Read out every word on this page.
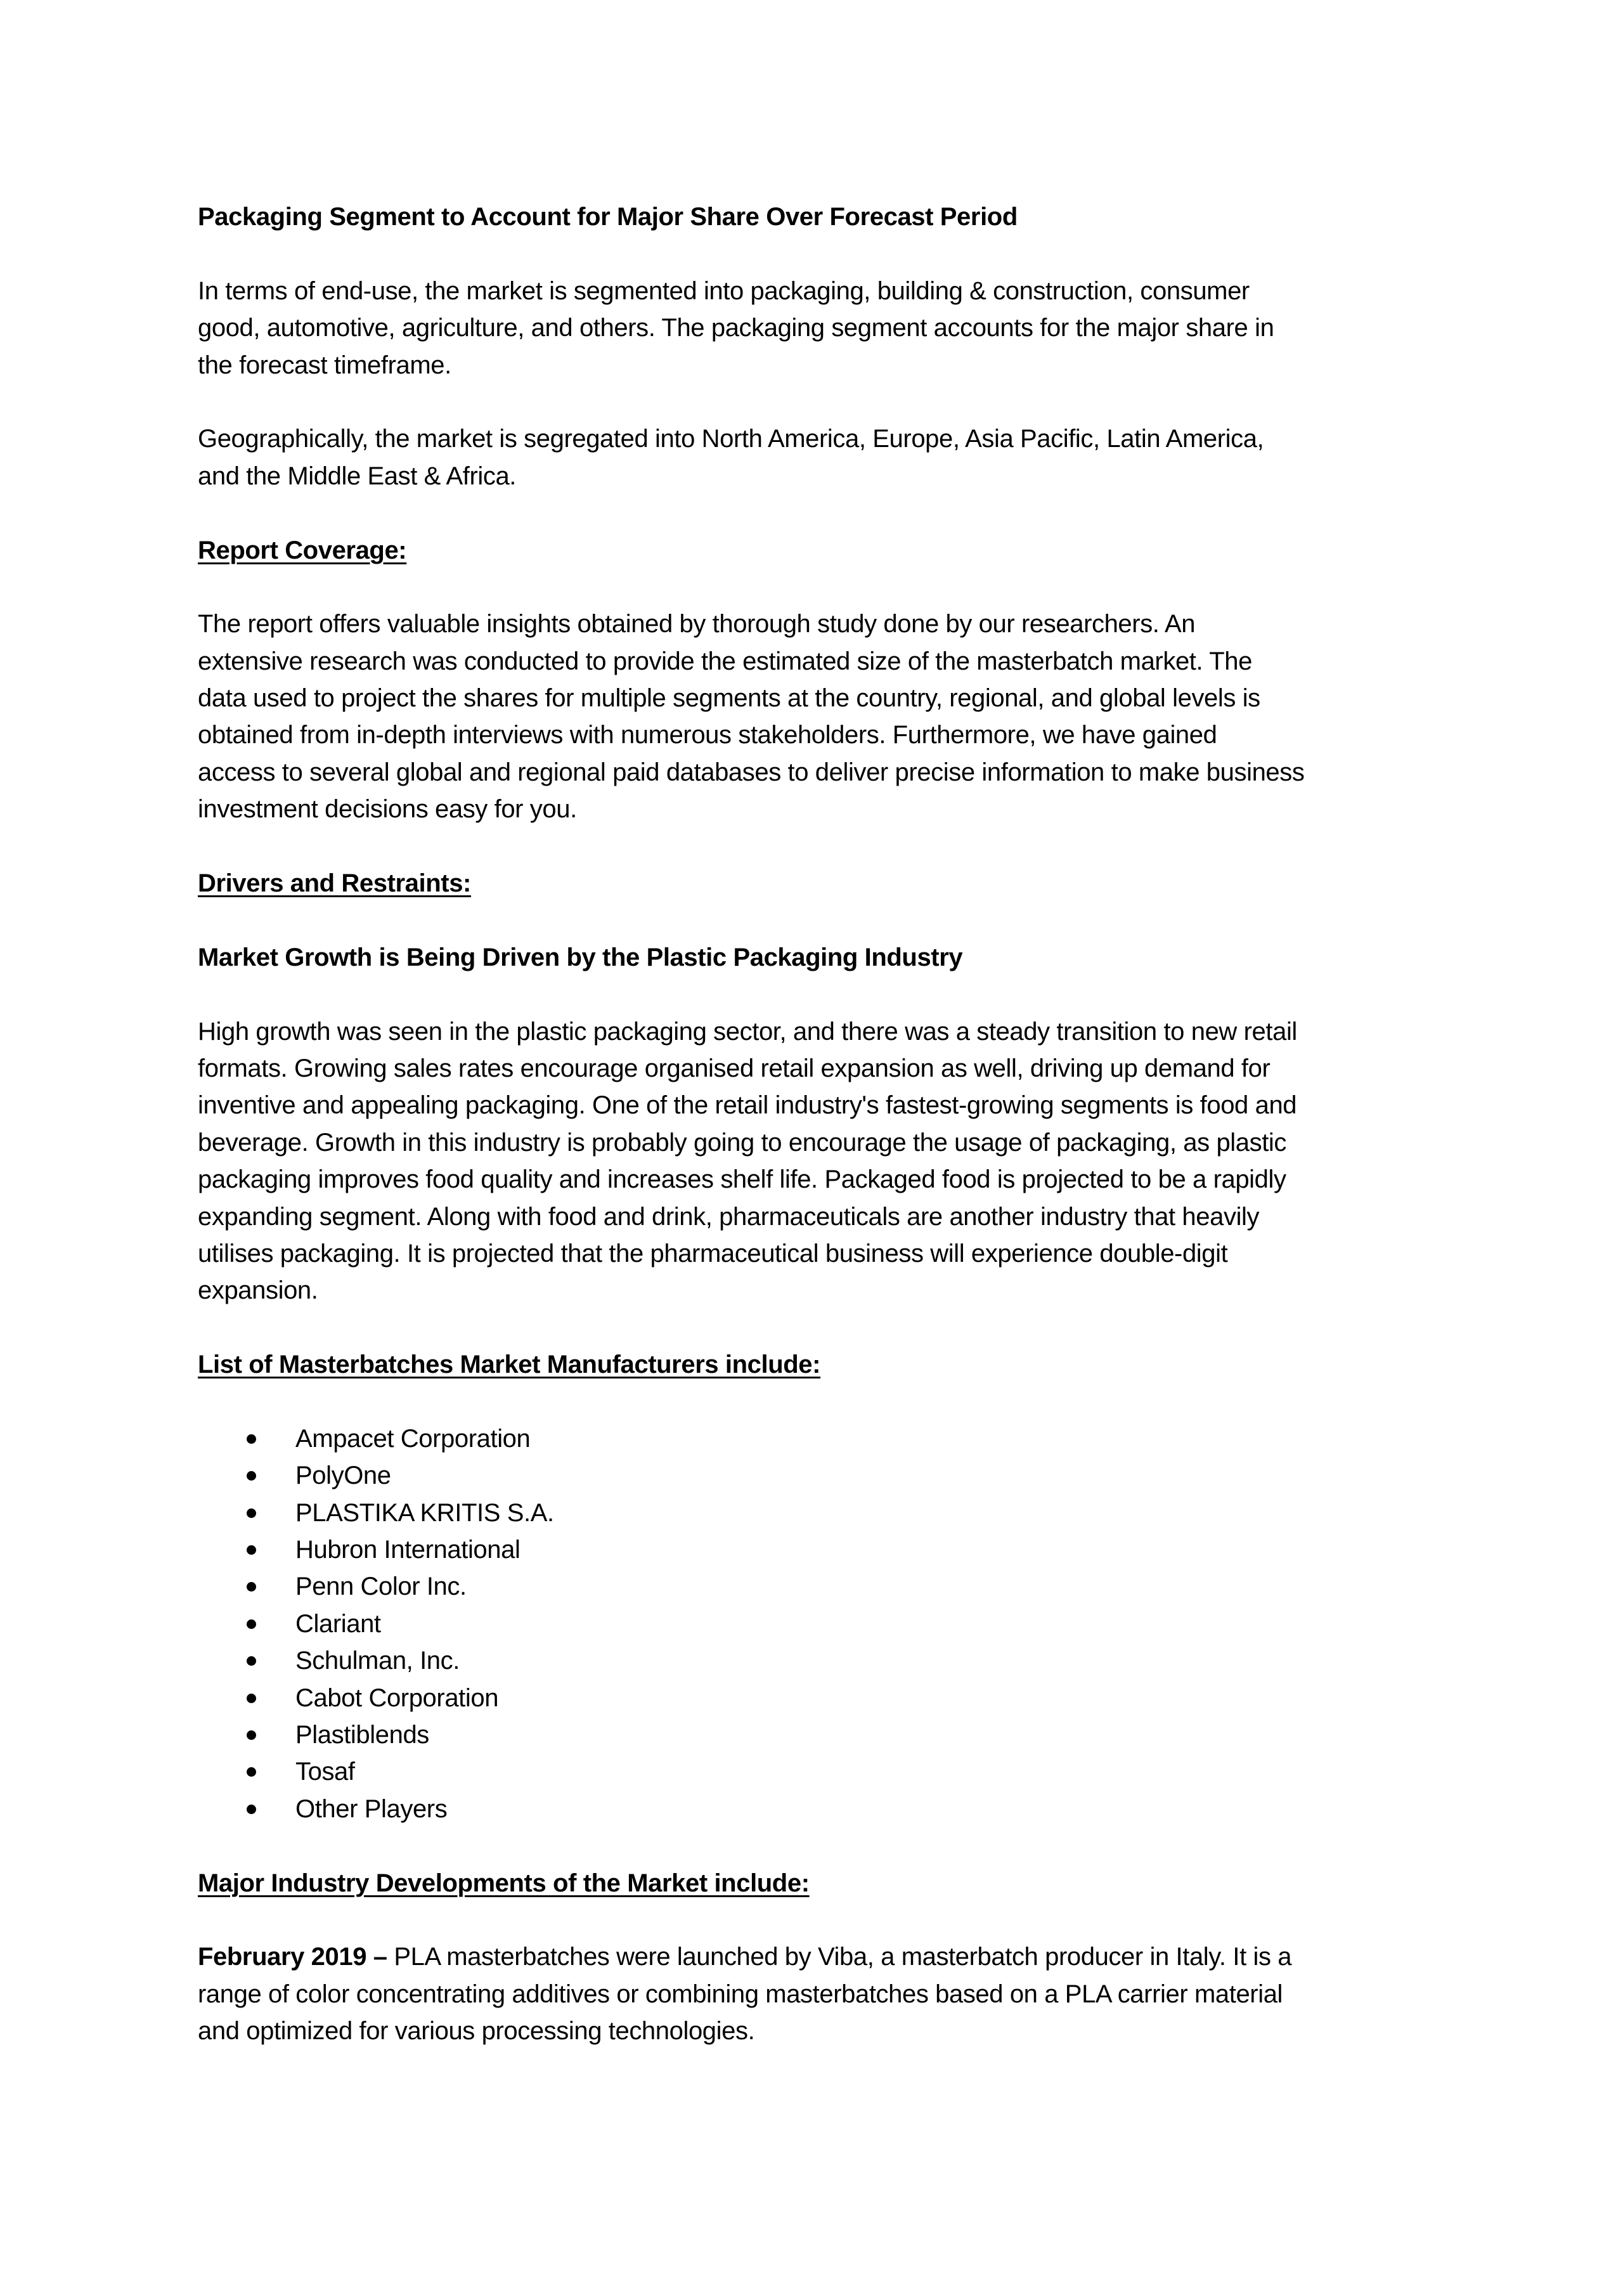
Packaging Segment to Account for Major Share Over Forecast Period
In terms of end-use, the market is segmented into packaging, building & construction, consumer
good, automotive, agriculture, and others. The packaging segment accounts for the major share in
the forecast timeframe.
Geographically, the market is segregated into North America, Europe, Asia Pacific, Latin America,
and the Middle East & Africa.
Report Coverage:
The report offers valuable insights obtained by thorough study done by our researchers. An
extensive research was conducted to provide the estimated size of the masterbatch market. The
data used to project the shares for multiple segments at the country, regional, and global levels is
obtained from in-depth interviews with numerous stakeholders. Furthermore, we have gained
access to several global and regional paid databases to deliver precise information to make business
investment decisions easy for you.
Drivers and Restraints:
Market Growth is Being Driven by the Plastic Packaging Industry
High growth was seen in the plastic packaging sector, and there was a steady transition to new retail
formats. Growing sales rates encourage organised retail expansion as well, driving up demand for
inventive and appealing packaging. One of the retail industry's fastest-growing segments is food and
beverage. Growth in this industry is probably going to encourage the usage of packaging, as plastic
packaging improves food quality and increases shelf life. Packaged food is projected to be a rapidly
expanding segment. Along with food and drink, pharmaceuticals are another industry that heavily
utilises packaging. It is projected that the pharmaceutical business will experience double-digit
expansion.
List of Masterbatches Market Manufacturers include:
Ampacet Corporation
PolyOne
PLASTIKA KRITIS S.A.
Hubron International
Penn Color Inc.
Clariant
Schulman, Inc.
Cabot Corporation
Plastiblends
Tosaf
Other Players
Major Industry Developments of the Market include:
February 2019 – PLA masterbatches were launched by Viba, a masterbatch producer in Italy. It is a
range of color concentrating additives or combining masterbatches based on a PLA carrier material
and optimized for various processing technologies.
